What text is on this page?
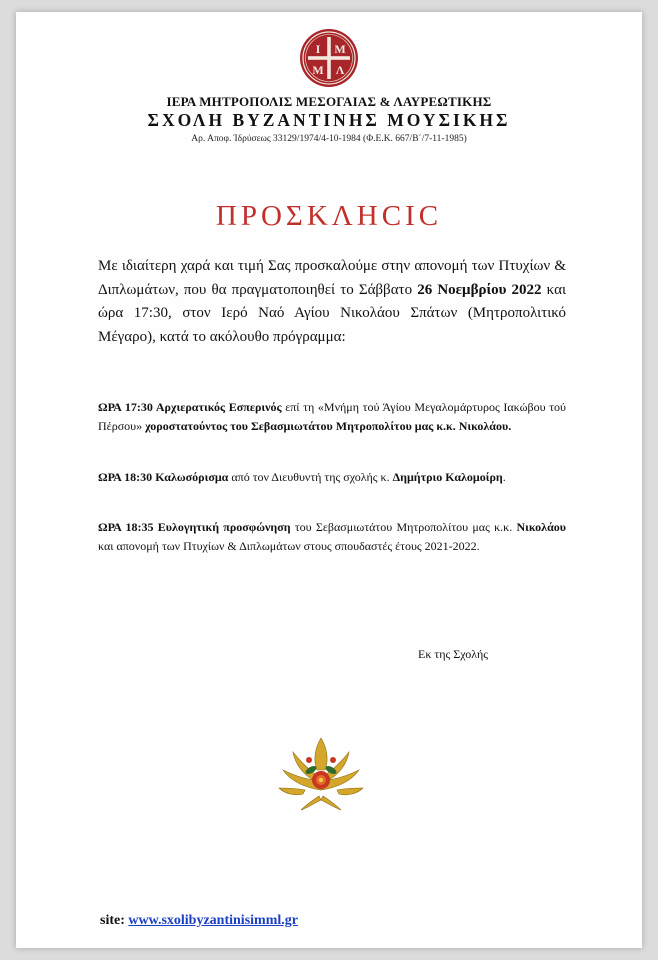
Ι Μ
Μ Λ
ΙΕΡΑ ΜΗΤΡΟΠΟΛΙΣ ΜΕΣΟΓΑΙΑΣ & ΛΑΥΡΕΩΤΙΚΗΣ
ΣΧΟΛΗ ΒΥΖΑΝΤΙΝΗΣ ΜΟΥΣΙΚΗΣ
Αρ. Αποφ. Ίδρύσεως 33129/1974/4-10-1984 (Φ.Ε.Κ. 667/Β΄/7-11-1985)
ΠΡΟΣΚΛΗCIC
Με ιδιαίτερη χαρά και τιμή Σας προσκαλούμε στην απονομή των Πτυχίων & Διπλωμάτων, που θα πραγματοποιηθεί το Σάββατο 26 Νοεμβρίου 2022 και ώρα 17:30, στον Ιερό Ναό Αγίου Νικολάου Σπάτων (Μητροπολιτικό Μέγαρο), κατά το ακόλουθο πρόγραμμα:
ΩΡΑ 17:30 Αρχιερατικός Εσπερινός επί τη «Μνήμη τού Άγίου Μεγαλομάρτυρος Ιακώβου τού Πέρσου» χοροστατούντος του Σεβασμιωτάτου Μητροπολίτου μας κ.κ. Νικολάου.
ΩΡΑ 18:30 Καλωσόρισμα από τον Διευθυντή της σχολής κ. Δημήτριο Καλομοίρη.
ΩΡΑ 18:35 Ευλογητική προσφώνηση του Σεβασμιωτάτου Μητροπολίτου μας κ.κ. Νικολάου και απονομή των Πτυχίων & Διπλωμάτων στους σπουδαστές έτους 2021-2022.
Εκ της Σχολής
site: www.sxolibyzantinisimml.gr
